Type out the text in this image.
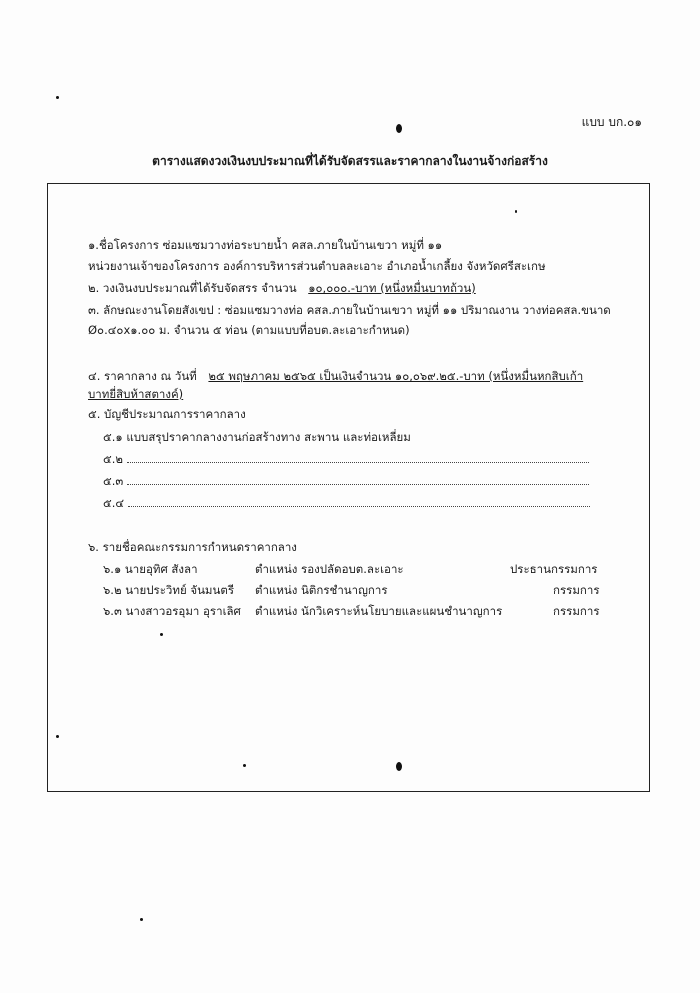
แบบ บก.๐๑
ตารางแสดงวงเงินงบประมาณที่ได้รับจัดสรรและราคากลางในงานจ้างก่อสร้าง
๑.ชื่อโครงการ ซ่อมแซมวางท่อระบายน้ำ คสล.ภายในบ้านเขวา หมู่ที่ ๑๑
หน่วยงานเจ้าของโครงการ องค์การบริหารส่วนตำบลละเอาะ อำเภอน้ำเกลี้ยง จังหวัดศรีสะเกษ
๒. วงเงินงบประมาณที่ได้รับจัดสรร จำนวน ๑๐,๐๐๐.-บาท (หนึ่งหมื่นบาทถ้วน)
๓. ลักษณะงานโดยสังเขป : ซ่อมแซมวางท่อ คสล.ภายในบ้านเขวา หมู่ที่ ๑๑ ปริมาณงาน วางท่อคสล.ขนาด
Ø๐.๔๐x๑.๐๐ ม. จำนวน ๕ ท่อน (ตามแบบที่อบต.ละเอาะกำหนด)
๔. ราคากลาง ณ วันที่ ๒๕ พฤษภาคม ๒๕๖๕ เป็นเงินจำนวน ๑๐,๐๖๙.๒๕.-บาท (หนึ่งหมื่นหกสิบเก้า
บาทยี่สิบห้าสตางค์)
๕. บัญชีประมาณการราคากลาง
๕.๑ แบบสรุปราคากลางงานก่อสร้างทาง สะพาน และท่อเหลี่ยม
๕.๒
๕.๓
๕.๔
๖. รายชื่อคณะกรรมการกำหนดราคากลาง
๖.๑ นายอุทิศ สังลา	ตำแหน่ง รองปลัดอบต.ละเอาะ	ประธานกรรมการ
๖.๒ นายประวิทย์ จันมนตรี ตำแหน่ง นิติกรชำนาญการ	กรรมการ
๖.๓ นางสาวอรอุมา อุราเลิศ ตำแหน่ง นักวิเคราะห์นโยบายและแผนชำนาญการ	กรรมการ
